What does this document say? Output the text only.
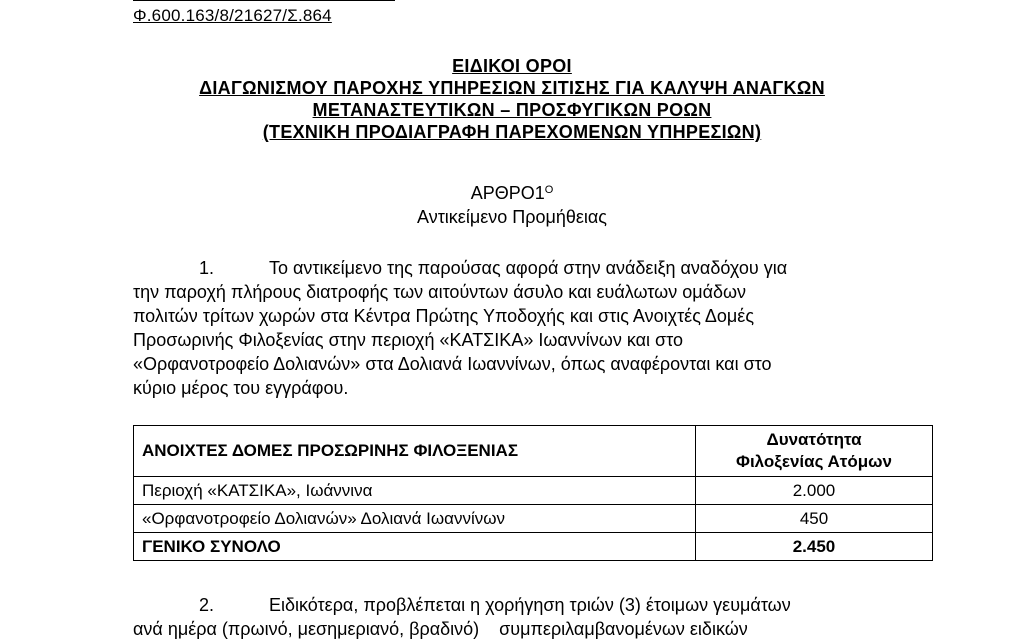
Φ.600.163/8/21627/Σ.864
ΕΙΔΙΚΟΙ ΟΡΟΙ
ΔΙΑΓΩΝΙΣΜΟΥ ΠΑΡΟΧΗΣ ΥΠΗΡΕΣΙΩΝ ΣΙΤΙΣΗΣ ΓΙΑ ΚΑΛΥΨΗ ΑΝΑΓΚΩΝ
ΜΕΤΑΝΑΣΤΕΥΤΙΚΩΝ – ΠΡΟΣΦΥΓΙΚΩΝ ΡΟΩΝ
(ΤΕΧΝΙΚΗ ΠΡΟΔΙΑΓΡΑΦΗ ΠΑΡΕΧΟΜΕΝΩΝ ΥΠΗΡΕΣΙΩΝ)
$AP\Theta PO1^O$
Αντικείμενο Προμήθειας
1.	Το αντικείμενο της παρούσας αφορά στην ανάδειξη αναδόχου για
την παροχή πλήρους διατροφής των αιτούντων άσυλο και ευάλωτων ομάδων
πολιτών τρίτων χωρών στα Κέντρα Πρώτης Υποδοχής και στις Ανοιχτές Δομές
Προσωρινής Φιλοξενίας στην περιοχή «ΚΑΤΣΙΚΑ» Ιωαννίνων και στο
«Ορφανοτροφείο Δολιανών» στα Δολιανά Ιωαννίνων, όπως αναφέρονται και στο
κύριο μέρος του εγγράφου.
ΑΝΟΙΧΤΕΣ ΔΟΜΕΣ ΠΡΟΣΩΡΙΝΗΣ ΦΙΛΟΞΕΝΙΑΣ	Δυνατότητα
Φιλοξενίας Ατόμων

Περιοχή «ΚΑΤΣΙΚΑ», Ιωάννινα	2.000
«Ορφανοτροφείο Δολιανών» Δολιανά Ιωαννίνων	450
ΓΕΝΙΚΟ ΣΥΝΟΛΟ	2.450
2.	Ειδικότερα, προβλέπεται η χορήγηση τριών (3) έτοιμων γευμάτων
ανά ημέρα (πρωινό, μεσημεριανό, βραδινό)    συμπεριλαμβανομένων ειδικών
